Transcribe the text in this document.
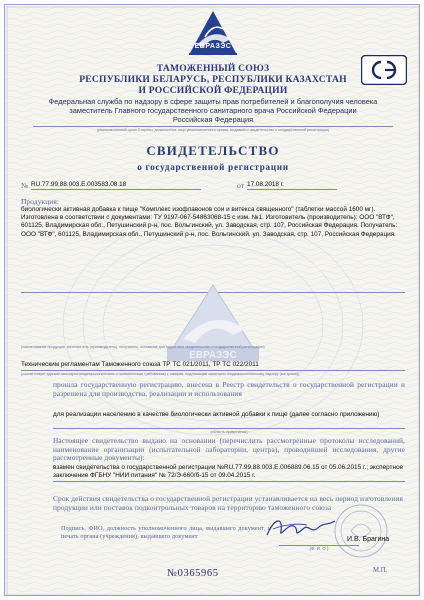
ЕВРАЗЭС
ТАМОЖЕННЫЙ СОЮЗ
РЕСПУБЛИКИ БЕЛАРУСЬ, РЕСПУБЛИКИ КАЗАХСТАН
И РОССИЙСКОЙ ФЕДЕРАЦИИ
Федеральная служба по надзору в сфере защиты прав потребителей и благополучия человека
заместитель Главного государственного санитарного врача Российской Федерации
Российская Федерация
(уполномоченный орган Стороны, должностное лицо уполномоченного органа, выдавшего свидетельство о государственной регистрации)
СВИДЕТЕЛЬСТВО
о государственной регистрации
№ RU.77.99.88.003.Е.003583.08.18	от 17.08.2018 г.
Продукция:
биологически активная добавка к пище "Комплекс изофлавонов сои и витекса священного" (таблетки массой 1600 мг). Изготовлена в соответствии с документами: ТУ 9197-067-54863068-15 с изм. №1. Изготовитель (производитель): ООО "ВТФ", 601125, Владимирская обл., Петушинский р-н, пос. Вольгинский, ул. Заводская, стр. 107, Российская Федерация. Получатель: ООО "ВТФ", 601125, Владимирская обл., Петушинский р-н, пос. Вольгинский, ул. Заводская, стр. 107, Российская Федерация.
ЕВРАЗЭС
(наименование продукции, изготовитель (производитель), получатель, основание для подготовки свидетельства о государственной регистрации)
Техническим регламентам Таможенного союза ТР ТС 021/2011, ТР ТС 022/2011
(соответствует единым санитарно-эпидемиологическим и гигиеническим требованиям к товарам, подлежащим санитарно-эпидемиологическому надзору (контролю))
прошла государственную регистрацию, внесена в Реестр свидетельств о государственной регистрации и разрешена для производства, реализации и использования
для реализации населению в качестве биологически активной добавки к пище (далее согласно приложению)
(область применения)
Настоящее свидетельство выдано на основании (перечислить рассмотренные протоколы исследований, наименование организации (испытательной лаборатории, центра), проводившей исследования, другие рассмотренные документы):
взамен свидетельства о государственной регистрации №RU.77.99.88.003.Е.006889.06.15 от 05.06.2015 г.; экспертное заключение ФГБНУ "НИИ питания" № 72/Э-660/б-15 от 09.04.2015 г.
Срок действия свидетельства о государственной регистрации устанавливается на весь период изготовления продукции или поставок подконтрольных товаров на территорию таможенного союза
Подпись, ФИО, должность уполномоченного лица, выдавшего документ, и печать органа (учреждения), выдавшего документ
(Ф. И. О.)
И.В. Брагина
№0365965	М.П.
